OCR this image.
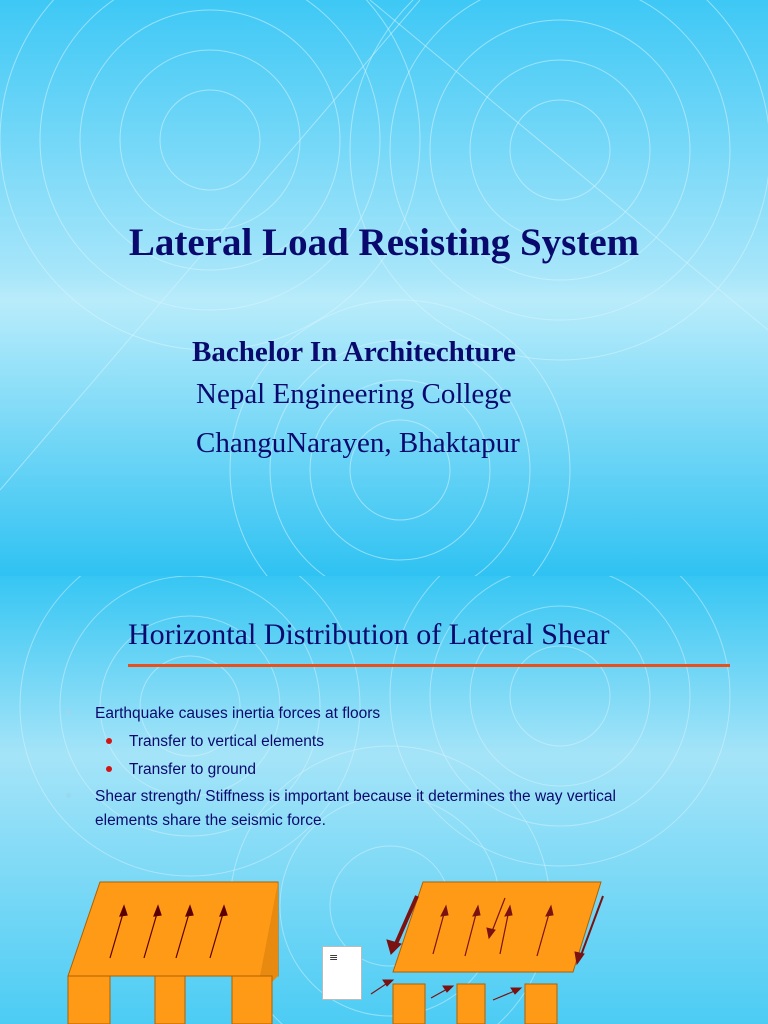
Lateral Load Resisting System
Bachelor In Architechture
Nepal Engineering College
ChanguNarayen, Bhaktapur
Horizontal Distribution of Lateral Shear
Earthquake causes inertia forces at floors
Transfer to vertical elements
Transfer to ground
Shear strength/ Stiffness is important because it determines the way vertical
elements share the seismic force.
≡
